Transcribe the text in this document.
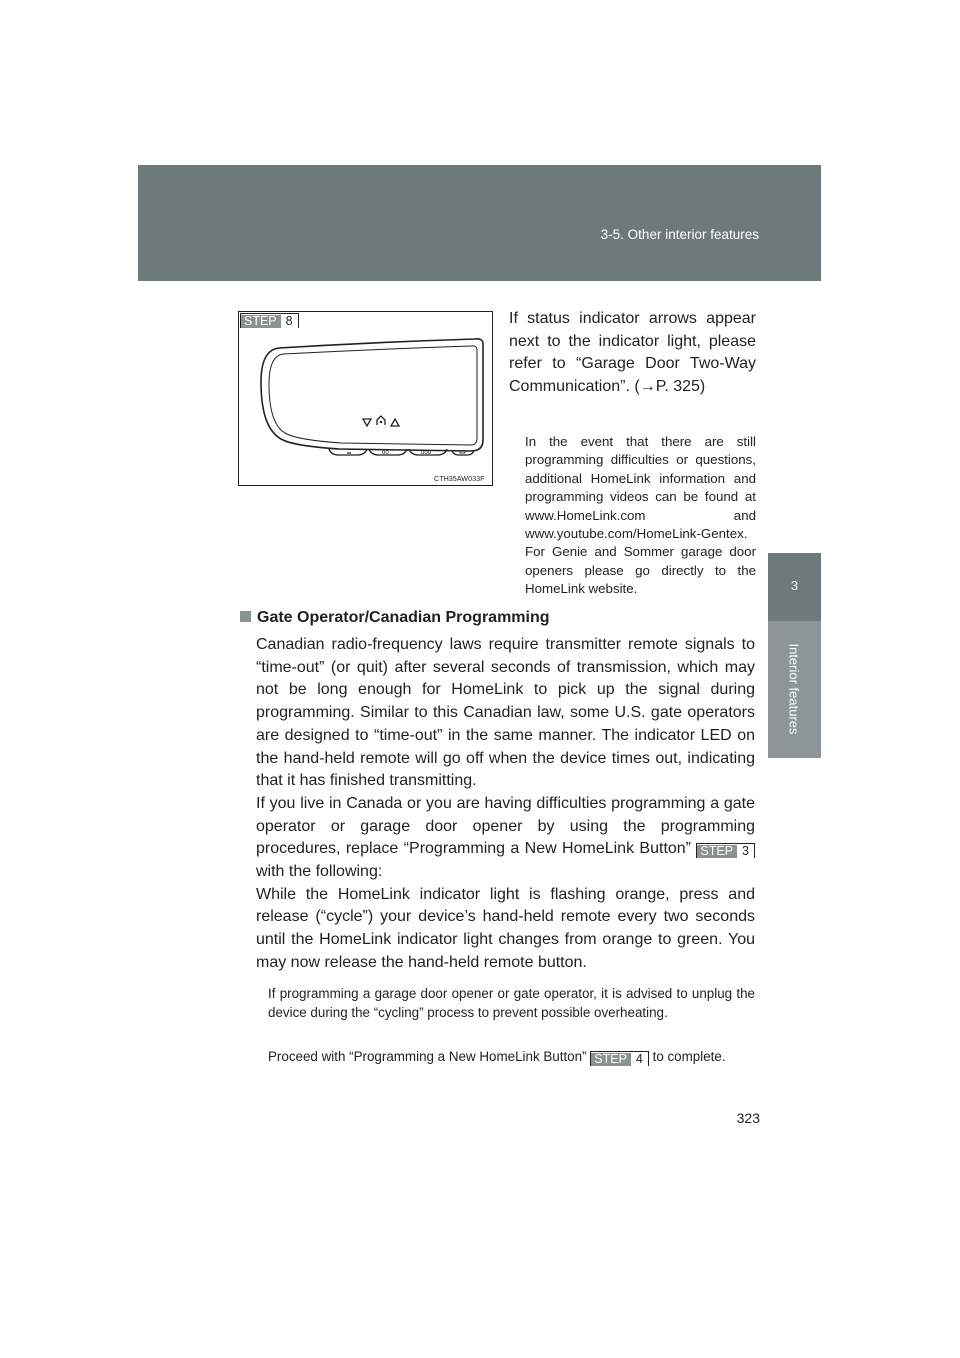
3-5. Other interior features
3
Interior features
oo	ooo
CTH35AW033F
STEP 8	If status indicator arrows appear next to the indicator light, please refer to “Garage Door Two-Way Communication”. (→P. 325)
In the event that there are still programming difficulties or questions, additional HomeLink information and programming videos can be found at www.HomeLink.com and www.youtube.com/HomeLink-Gentex. For Genie and Sommer garage door openers please go directly to the HomeLink website.
Gate Operator/Canadian Programming

Canadian radio-frequency laws require transmitter remote signals to “time-out” (or quit) after several seconds of transmission, which may not be long enough for HomeLink to pick up the signal during programming. Similar to this Canadian law, some U.S. gate operators are designed to “time-out” in the same manner. The indicator LED on the hand-held remote will go off when the device times out, indicating that it has finished transmitting.

If you live in Canada or you are having difficulties programming a gate operator or garage door opener by using the programming procedures, replace “Programming a New HomeLink Button” STEP 3 with the following:

While the HomeLink indicator light is flashing orange, press and release (“cycle”) your device’s hand-held remote every two seconds until the HomeLink indicator light changes from orange to green. You may now release the hand-held remote button.

If programming a garage door opener or gate operator, it is advised to unplug the device during the “cycling” process to prevent possible overheating.
Proceed with “Programming a New HomeLink Button” STEP 4 to complete.
323
